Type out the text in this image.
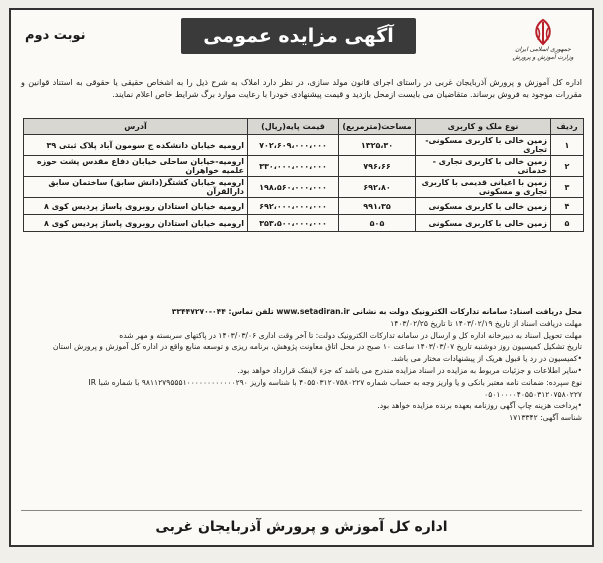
جمهوری اسلامی ایران
وزارت آموزش و پرورش
آگهی مزایده عمومی
نوبت دوم
اداره کل آموزش و پرورش آذربایجان غربی در راستای اجرای قانون مولد سازی، در نظر دارد املاک به شرح ذیل را به اشخاص حقیقی یا حقوقی به استناد قوانین و مقررات موجود به فروش برساند. متقاضیان می بایست ازمحل بازدید و قیمت پیشنهادی خودرا با رعایت موارد برگ شرایط خاص اعلام نمایند.
ردیف	نوع ملک و کاربری	مساحت(مترمربع)	قیمت پایه(ریال)	آدرس
۱	زمین خالی با کاربری مسکونی-تجاری	۱۳۲۵،۳۰	۷۰۲،۶۰۹،۰۰۰،۰۰۰	ارومیه خیابان دانشکده ج سومون آباد پلاک ثبتی ۳۹
۲	زمین خالی با کاربری تجاری - خدماتی	۷۹۶،۶۶	۳۳۰،۰۰۰،۰۰۰،۰۰۰	ارومیه-خیابان ساحلی خیابان دفاع مقدس پشت حوزه علمیه خواهران
۳	زمین با اعیانی قدیمی با کاربری تجاری و مسکونی	۶۹۲،۸۰	۱۹۸،۵۶۰،۰۰۰،۰۰۰	ارومیه خیابان کشتگر(دانش سابق) ساختمان سابق دارالقرآن
۴	زمین خالی با کاربری مسکونی	۹۹۱،۳۵	۶۹۲،۰۰۰،۰۰۰،۰۰۰	ارومیه خیابان استادان روبروی پاساژ پردیس کوی ۸
۵	زمین خالی با کاربری مسکونی	۵۰۵	۳۵۳،۵۰۰،۰۰۰،۰۰۰	ارومیه خیابان استادان روبروی پاساژ پردیس کوی ۸

محل دریافت اسناد: سامانه تدارکات الکترونیک دولت به نشانی www.setadiran.ir تلفن تماس: ۰۴۴-۳۳۴۴۷۲۷۰

مهلت دریافت اسناد از تاریخ ۱۴۰۳/۰۲/۱۹ تا تاریخ ۱۴۰۳/۰۲/۲۵

مهلت تحویل اسناد به دبیرخانه اداره کل و ارسال در سامانه تدارکات الکترونیک دولت: تا آخر وقت اداری ۱۴۰۳/۰۳/۰۶ در پاکتهای سربسته و مهر شده

تاریخ تشکیل کمیسیون روز دوشنبه تاریخ ۱۴۰۳/۰۳/۰۷ ساعت ۱۰ صبح در محل اتاق معاونت پژوهش، برنامه ریزی و توسعه منابع واقع در اداره کل آموزش و پرورش استان

•کمیسیون در رد یا قبول هریک از پیشنهادات مختار می باشد.

•سایر اطلاعات و جزئیات مربوط به مزایده در اسناد مزایده مندرج می باشد که جزء لاینفک قرارداد خواهد بود.

نوع سپرده: ضمانت نامه معتبر بانکی و یا واریز وجه به حساب شماره ۴۰۵۵۰۳۱۲۰۷۵۸۰۲۲۷ با شناسه واریز ۹۸۱۱۲۷۹۵۵۵۱۰۰۰۰۰۰۰۰۰۰۰۰۲۹۰ با شماره شبا IR ۰۵۰۱۰۰۰۰۴۰۵۵۰۳۱۲۰۷۵۸۰۲۲۷

•پرداخت هزینه چاپ آگهی روزنامه بعهده برنده مزایده خواهد بود.

شناسه آگهی: ۱۷۱۳۳۴۲

اداره کل آموزش و پرورش آذربایجان غربی
